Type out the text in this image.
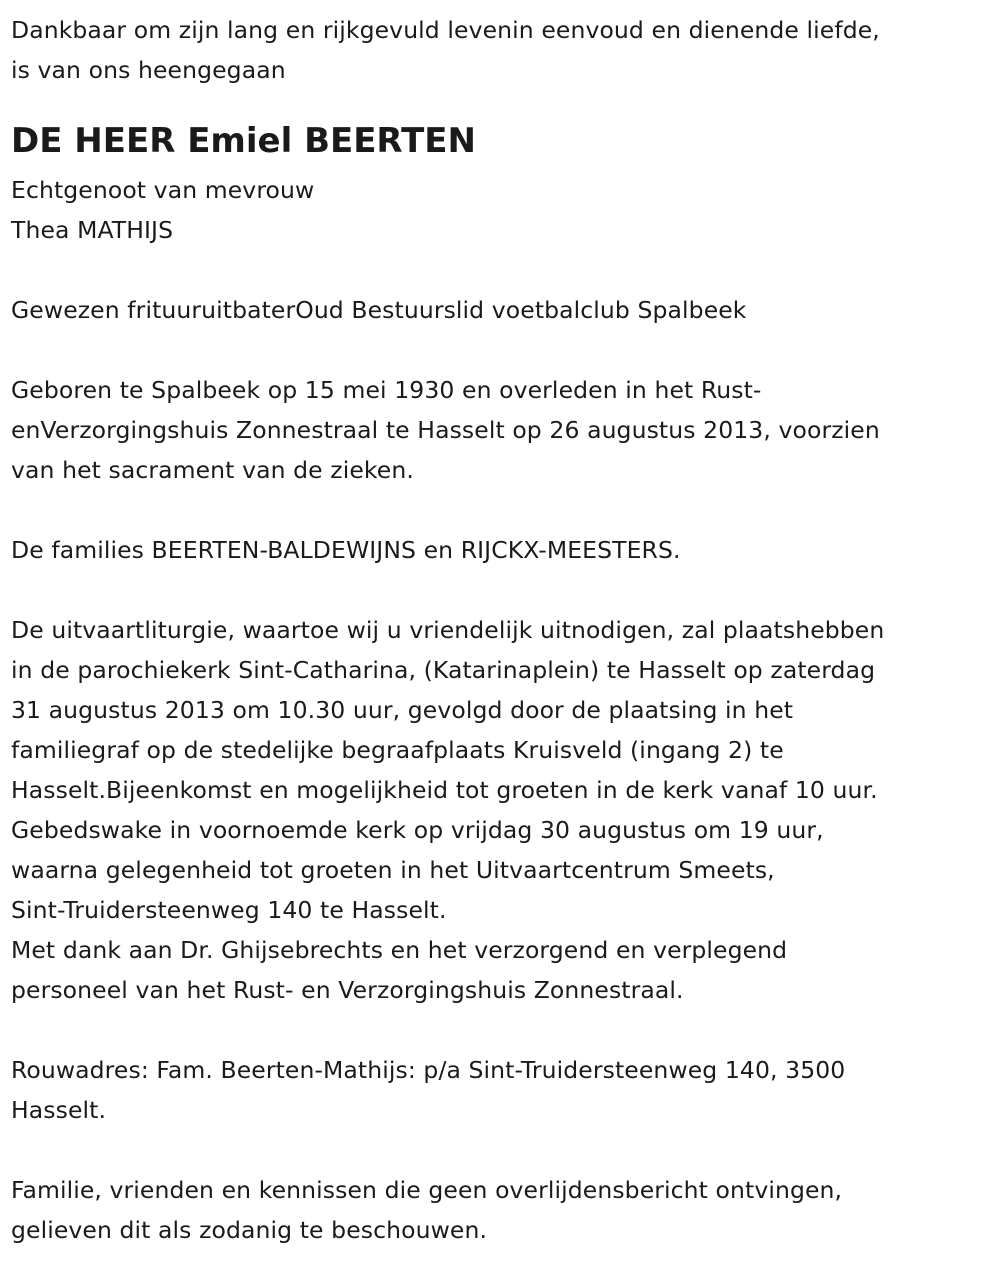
Dankbaar om zijn lang en rijkgevuld levenin eenvoud en dienende liefde,
is van ons heengegaan
DE HEER Emiel BEERTEN
Echtgenoot van mevrouw
Thea MATHIJS
Gewezen frituuruitbaterOud Bestuurslid voetbalclub Spalbeek
Geboren te Spalbeek op 15 mei 1930 en overleden in het Rust-
enVerzorgingshuis Zonnestraal te Hasselt op 26 augustus 2013, voorzien
van het sacrament van de zieken.
De families BEERTEN-BALDEWIJNS en RIJCKX-MEESTERS.
De uitvaartliturgie, waartoe wij u vriendelijk uitnodigen, zal plaatshebben
in de parochiekerk Sint-Catharina, (Katarinaplein) te Hasselt op zaterdag
31 augustus 2013 om 10.30 uur, gevolgd door de plaatsing in het
familiegraf op de stedelijke begraafplaats Kruisveld (ingang 2) te
Hasselt.Bijeenkomst en mogelijkheid tot groeten in de kerk vanaf 10 uur.
Gebedswake in voornoemde kerk op vrijdag 30 augustus om 19 uur,
waarna gelegenheid tot groeten in het Uitvaartcentrum Smeets,
Sint-Truidersteenweg 140 te Hasselt.
Met dank aan Dr. Ghijsebrechts en het verzorgend en verplegend
personeel van het Rust- en Verzorgingshuis Zonnestraal.
Rouwadres: Fam. Beerten-Mathijs: p/a Sint-Truidersteenweg 140, 3500
Hasselt.
Familie, vrienden en kennissen die geen overlijdensbericht ontvingen,
gelieven dit als zodanig te beschouwen.
